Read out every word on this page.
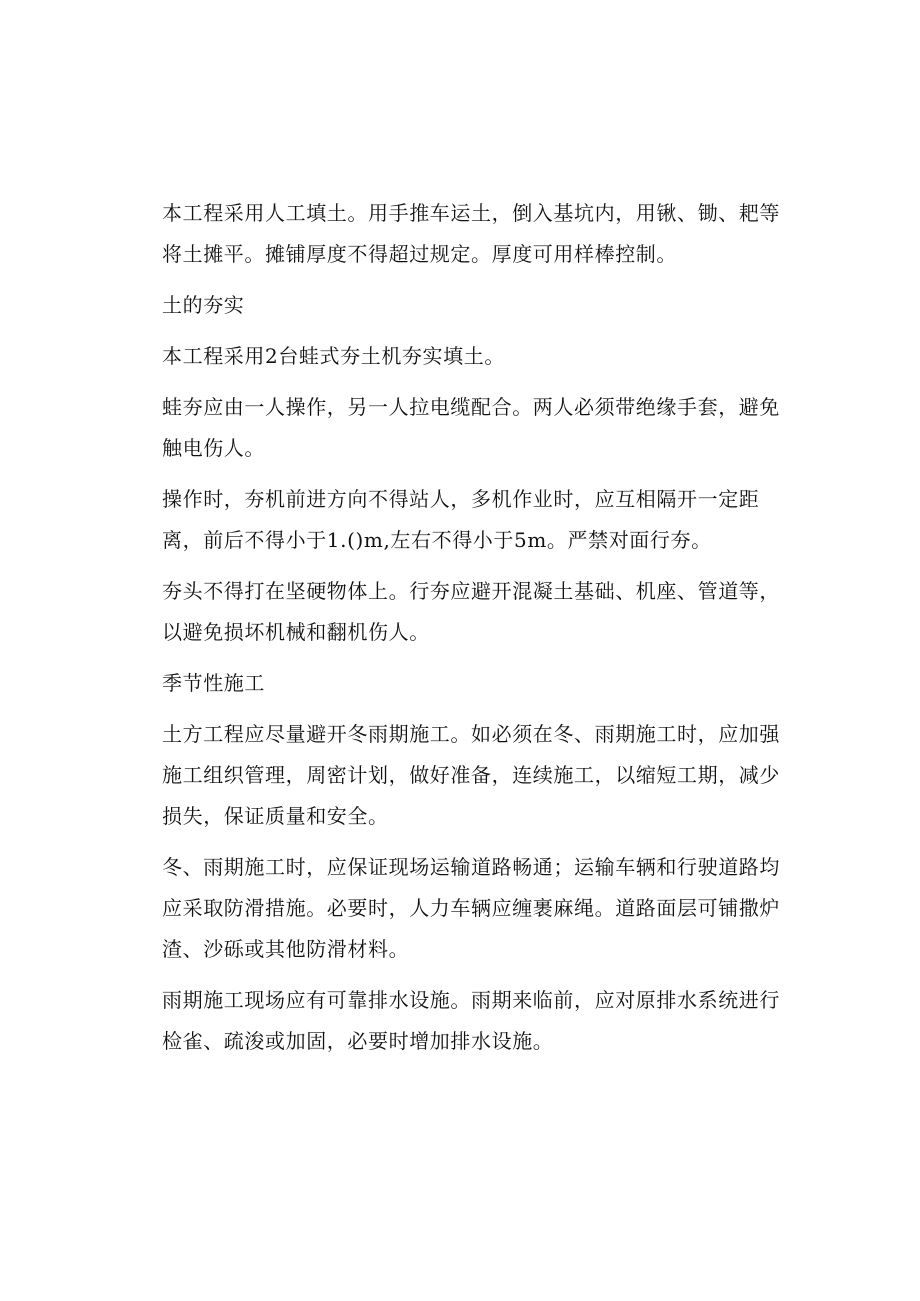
本工程采用人工填土。用手推车运土，倒入基坑内，用锹、锄、耙等将土摊平。摊铺厚度不得超过规定。厚度可用样棒控制。

土的夯实

本工程采用2台蛙式夯土机夯实填土。

蛙夯应由一人操作，另一人拉电缆配合。两人必须带绝缘手套，避免触电伤人。

操作时，夯机前进方向不得站人，多机作业时，应互相隔开一定距离，前后不得小于1.()m,左右不得小于5m。严禁对面行夯。

夯头不得打在坚硬物体上。行夯应避开混凝土基础、机座、管道等，以避免损坏机械和翻机伤人。

季节性施工

土方工程应尽量避开冬雨期施工。如必须在冬、雨期施工时，应加强施工组织管理，周密计划，做好准备，连续施工，以缩短工期，减少损失，保证质量和安全。

冬、雨期施工时，应保证现场运输道路畅通；运输车辆和行驶道路均应采取防滑措施。必要时，人力车辆应缠裹麻绳。道路面层可铺撒炉渣、沙砾或其他防滑材料。

雨期施工现场应有可靠排水设施。雨期来临前，应对原排水系统进行检雀、疏浚或加固，必要时增加排水设施。
